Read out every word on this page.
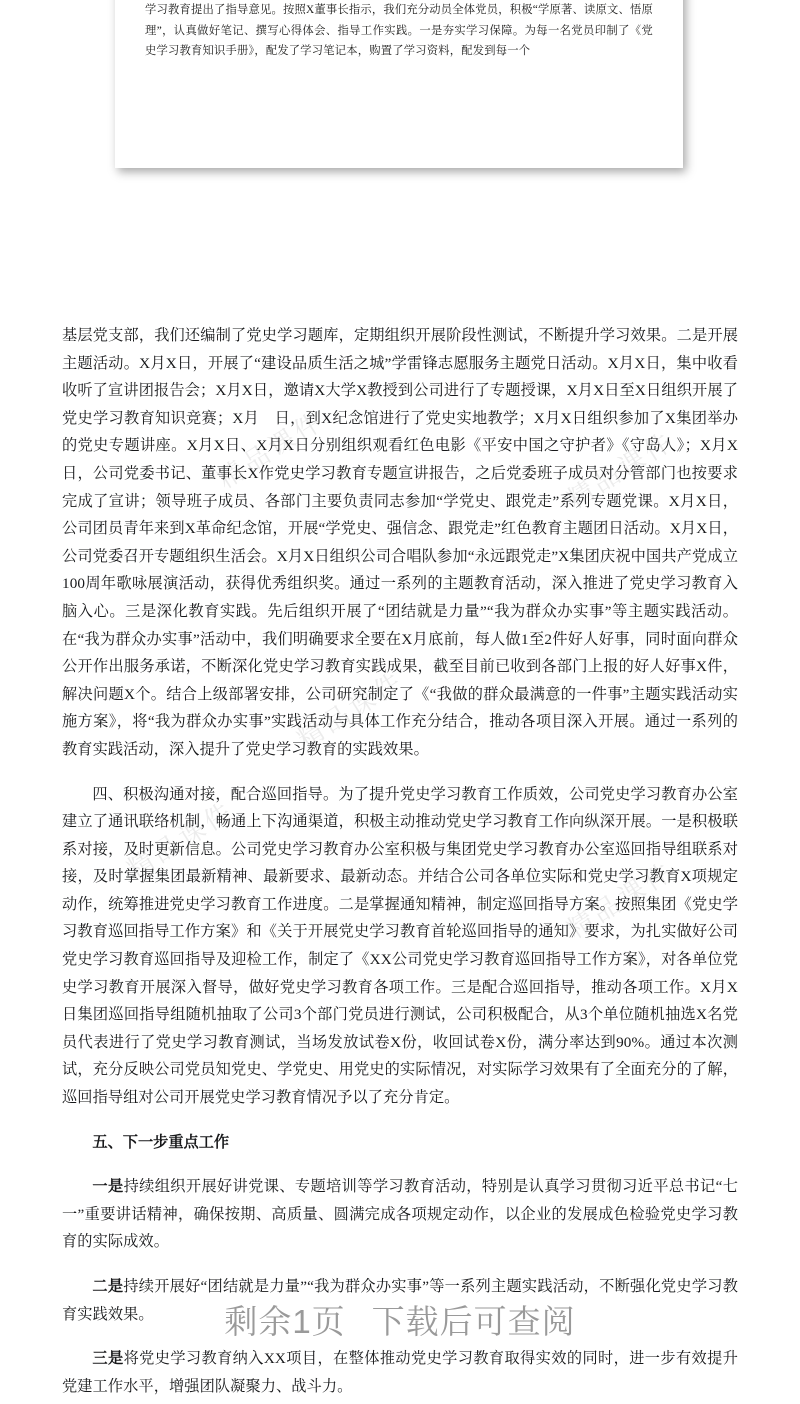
学习教育提出了指导意见。按照X董事长指示，我们充分动员全体党员，积极“学原著、读原文、悟原理”，认真做好笔记、撰写心得体会、指导工作实践。一是夯实学习保障。为每一名党员印制了《党史学习教育知识手册》，配发了学习笔记本，购置了学习资料，配发到每一个
精品课件
精品课件
精品课件
精品课件
精品课件

基层党支部，我们还编制了党史学习题库，定期组织开展阶段性测试，不断提升学习效果。二是开展主题活动。X月X日，开展了“建设品质生活之城”学雷锋志愿服务主题党日活动。X月X日，集中收看收听了宣讲团报告会；X月X日，邀请X大学X教授到公司进行了专题授课，X月X日至X日组织开展了党史学习教育知识竞赛；X月　日，到X纪念馆进行了党史实地教学；X月X日组织参加了X集团举办的党史专题讲座。X月X日、X月X日分别组织观看红色电影《平安中国之守护者》《守岛人》；X月X日，公司党委书记、董事长X作党史学习教育专题宣讲报告，之后党委班子成员对分管部门也按要求完成了宣讲；领导班子成员、各部门主要负责同志参加“学党史、跟党走”系列专题党课。X月X日，公司团员青年来到X革命纪念馆，开展“学党史、强信念、跟党走”红色教育主题团日活动。X月X日，公司党委召开专题组织生活会。X月X日组织公司合唱队参加“永远跟党走”X集团庆祝中国共产党成立100周年歌咏展演活动，获得优秀组织奖。通过一系列的主题教育活动，深入推进了党史学习教育入脑入心。三是深化教育实践。先后组织开展了“团结就是力量”“我为群众办实事”等主题实践活动。在“我为群众办实事”活动中，我们明确要求全要在X月底前，每人做1至2件好人好事，同时面向群众公开作出服务承诺，不断深化党史学习教育实践成果，截至目前已收到各部门上报的好人好事X件，解决问题X个。结合上级部署安排，公司研究制定了《“我做的群众最满意的一件事”主题实践活动实施方案》，将“我为群众办实事”实践活动与具体工作充分结合，推动各项目深入开展。通过一系列的教育实践活动，深入提升了党史学习教育的实践效果。

四、积极沟通对接，配合巡回指导。为了提升党史学习教育工作质效，公司党史学习教育办公室建立了通讯联络机制，畅通上下沟通渠道，积极主动推动党史学习教育工作向纵深开展。一是积极联系对接，及时更新信息。公司党史学习教育办公室积极与集团党史学习教育办公室巡回指导组联系对接，及时掌握集团最新精神、最新要求、最新动态。并结合公司各单位实际和党史学习教育X项规定动作，统筹推进党史学习教育工作进度。二是掌握通知精神，制定巡回指导方案。按照集团《党史学习教育巡回指导工作方案》和《关于开展党史学习教育首轮巡回指导的通知》要求，为扎实做好公司党史学习教育巡回指导及迎检工作，制定了《XX公司党史学习教育巡回指导工作方案》，对各单位党史学习教育开展深入督导，做好党史学习教育各项工作。三是配合巡回指导，推动各项工作。X月X日集团巡回指导组随机抽取了公司3个部门党员进行测试，公司积极配合，从3个单位随机抽选X名党员代表进行了党史学习教育测试，当场发放试卷X份，收回试卷X份，满分率达到90%。通过本次测试，充分反映公司党员知党史、学党史、用党史的实际情况，对实际学习效果有了全面充分的了解，巡回指导组对公司开展党史学习教育情况予以了充分肯定。

五、下一步重点工作

一是持续组织开展好讲党课、专题培训等学习教育活动，特别是认真学习贯彻习近平总书记“七一”重要讲话精神，确保按期、高质量、圆满完成各项规定动作，以企业的发展成色检验党史学习教育的实际成效。

二是持续开展好“团结就是力量”“我为群众办实事”等一系列主题实践活动，不断强化党史学习教育实践效果。

三是将党史学习教育纳入XX项目，在整体推动党史学习教育取得实效的同时，进一步有效提升党建工作水平，增强团队凝聚力、战斗力。

剩余1页 下载后可查阅
